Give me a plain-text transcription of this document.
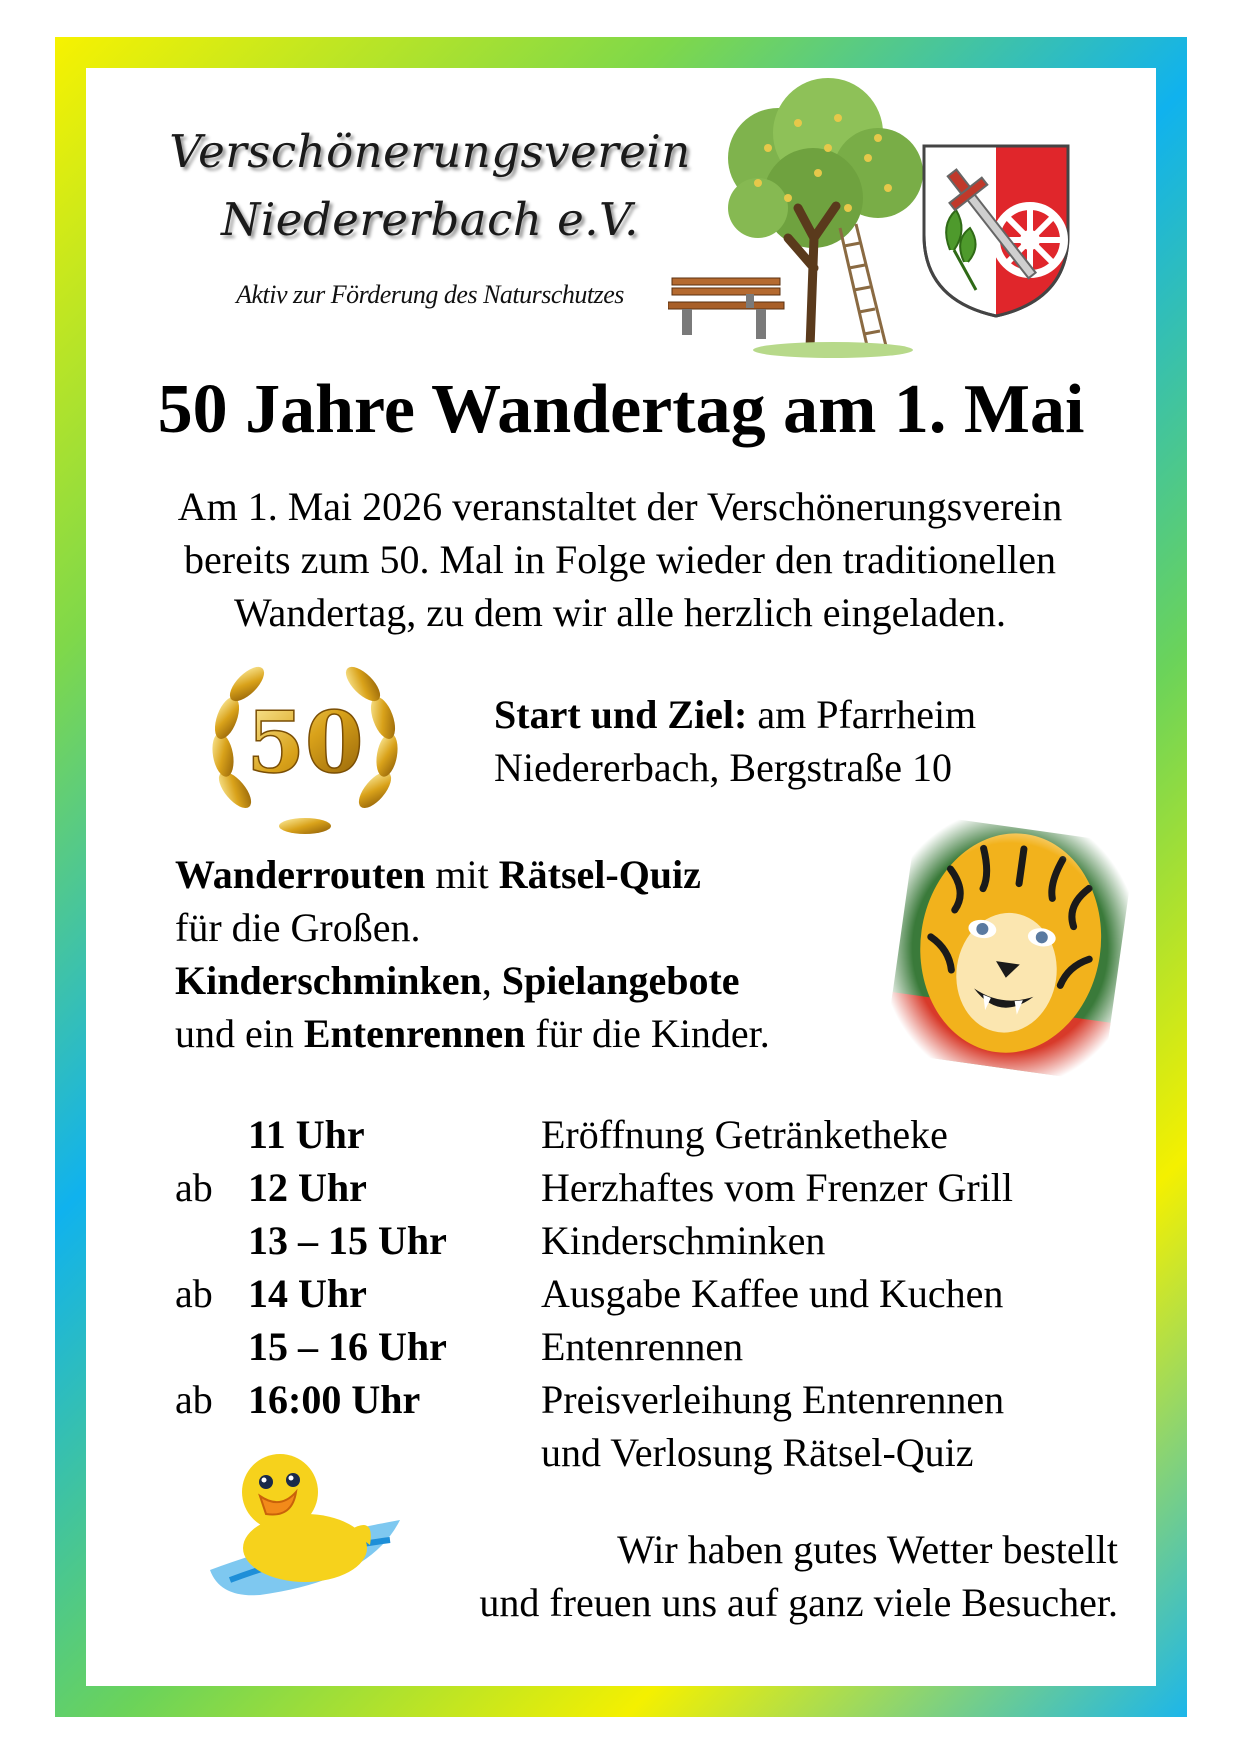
Verschönerungsverein
Niedererbach e.V.
Aktiv zur Förderung des Naturschutzes
50 Jahre Wandertag am 1. Mai
Am 1. Mai 2026 veranstaltet der Verschönerungsverein
bereits zum 50. Mal in Folge wieder den traditionellen
Wandertag, zu dem wir alle herzlich eingeladen.
50	Start und Ziel: am Pfarrheim
Niedererbach, Bergstraße 10
Wanderrouten mit Rätsel-Quiz
für die Großen.
Kinderschminken, Spielangebote
und ein Entenrennen für die Kinder.
11 Uhr	Eröffnung Getränketheke
ab 12 Uhr	Herzhaftes vom Frenzer Grill
13 – 15 Uhr Kinderschminken
ab 14 Uhr	Ausgabe Kaffee und Kuchen
15 – 16 Uhr Entenrennen
ab 16:00 Uhr	Preisverleihung Entenrennen
und Verlosung Rätsel-Quiz
Wir haben gutes Wetter bestellt
und freuen uns auf ganz viele Besucher.
